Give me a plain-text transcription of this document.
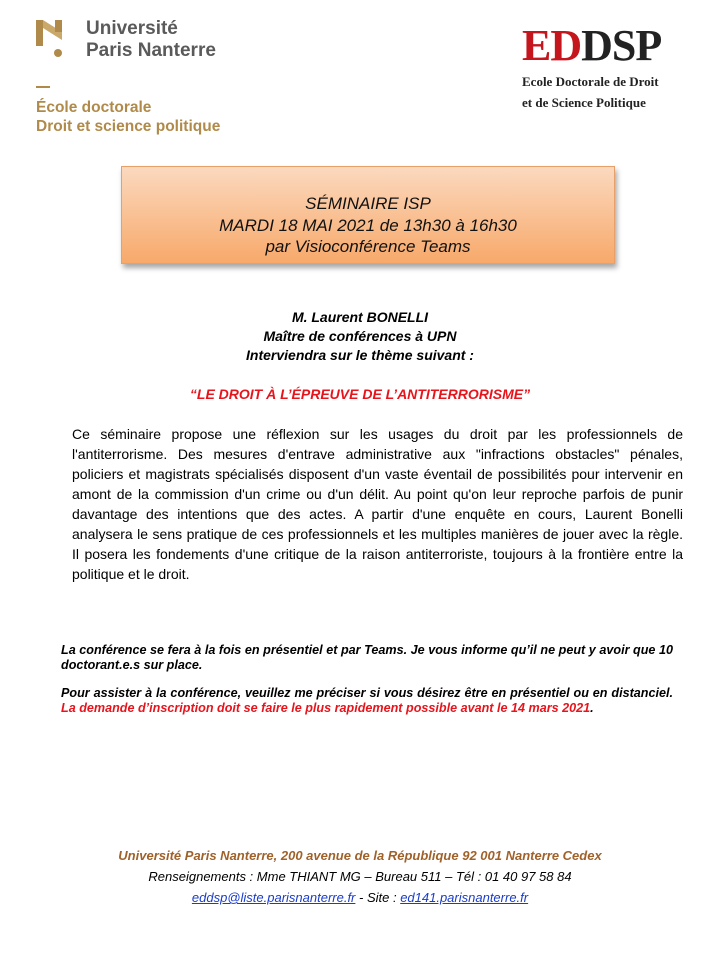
Université
Paris Nanterre
École doctorale
Droit et science politique
EDDSP
Ecole Doctorale de Droit
et de Science Politique
SÉMINAIRE ISP
MARDI 18 MAI 2021 de 13h30 à 16h30
par Visioconférence Teams
M. Laurent BONELLI
Maître de conférences à UPN
Interviendra sur le thème suivant :
“LE DROIT À L’ÉPREUVE DE L’ANTITERRORISME”
Ce séminaire propose une réflexion sur les usages du droit par les professionnels de l'antiterrorisme. Des mesures d'entrave administrative aux "infractions obstacles" pénales, policiers et magistrats spécialisés disposent d'un vaste éventail de possibilités pour intervenir en amont de la commission d'un crime ou d'un délit. Au point qu'on leur reproche parfois de punir davantage des intentions que des actes. A partir d'une enquête en cours, Laurent Bonelli analysera le sens pratique de ces professionnels et les multiples manières de jouer avec la règle. Il posera les fondements d'une critique de la raison antiterroriste, toujours à la frontière entre la politique et le droit.
La conférence se fera à la fois en présentiel et par Teams. Je vous informe qu’il ne peut y avoir que 10 doctorant.e.s sur place.
Pour assister à la conférence, veuillez me préciser si vous désirez être en présentiel ou en distanciel. La demande d’inscription doit se faire le plus rapidement possible avant le 14 mars 2021.
Université Paris Nanterre, 200 avenue de la République 92 001 Nanterre Cedex
Renseignements : Mme THIANT MG – Bureau 511 – Tél : 01 40 97 58 84
eddsp@liste.parisnanterre.fr - Site : ed141.parisnanterre.fr
